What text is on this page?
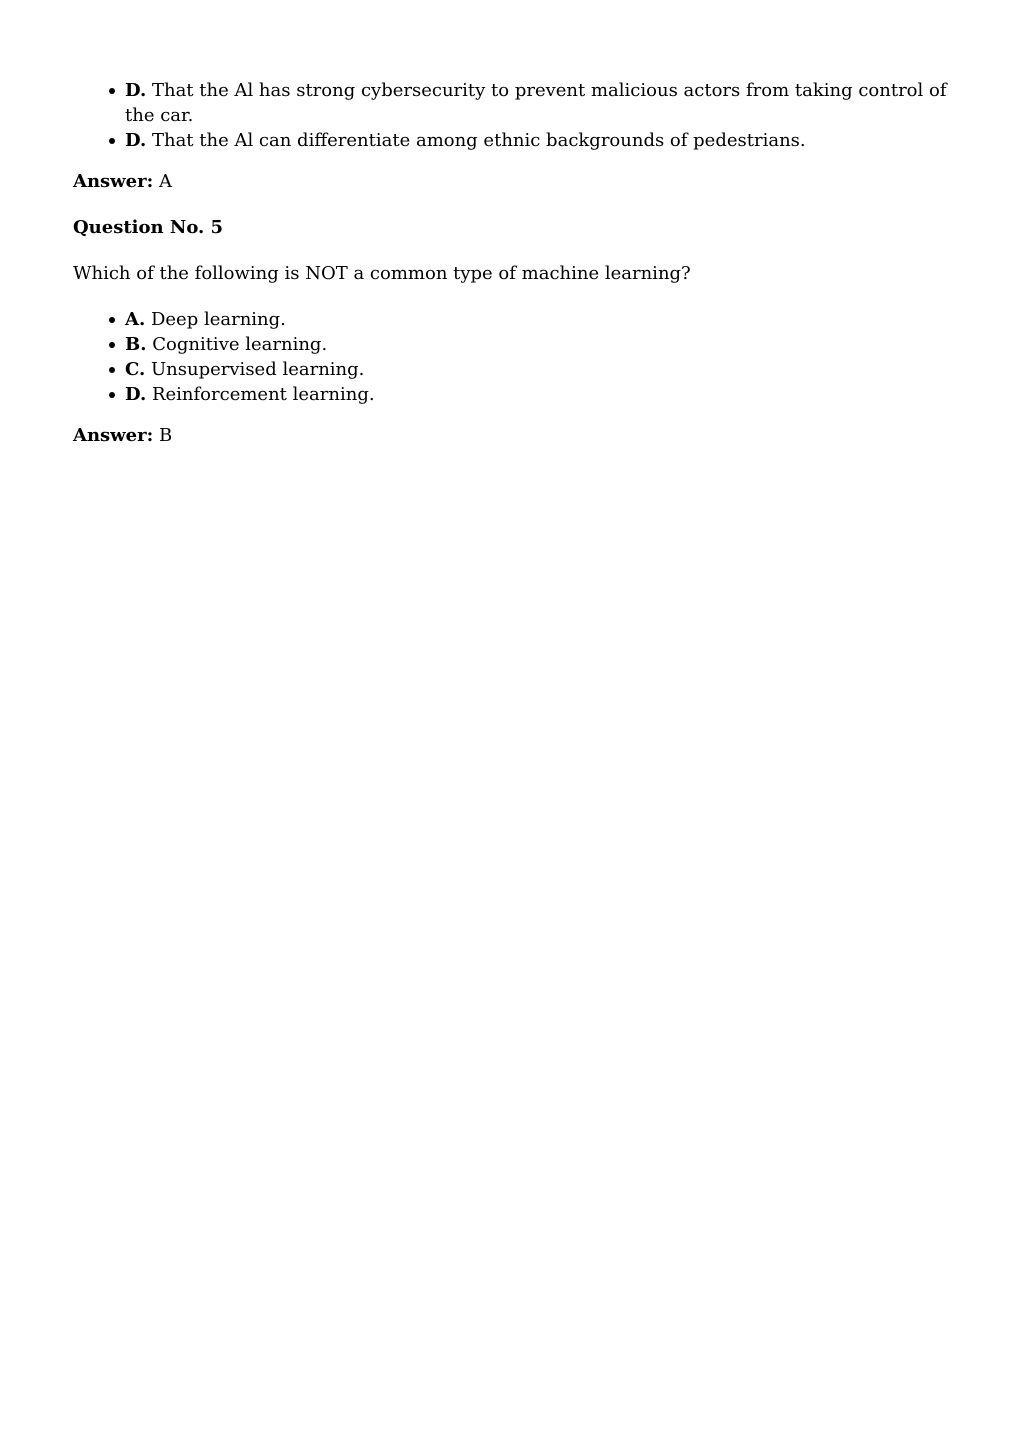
D. That the Al has strong cybersecurity to prevent malicious actors from taking control of the car.
D. That the Al can differentiate among ethnic backgrounds of pedestrians.

Answer: A

Question No. 5

Which of the following is NOT a common type of machine learning?

A. Deep learning.
B. Cognitive learning.
C. Unsupervised learning.
D. Reinforcement learning.

Answer: B
